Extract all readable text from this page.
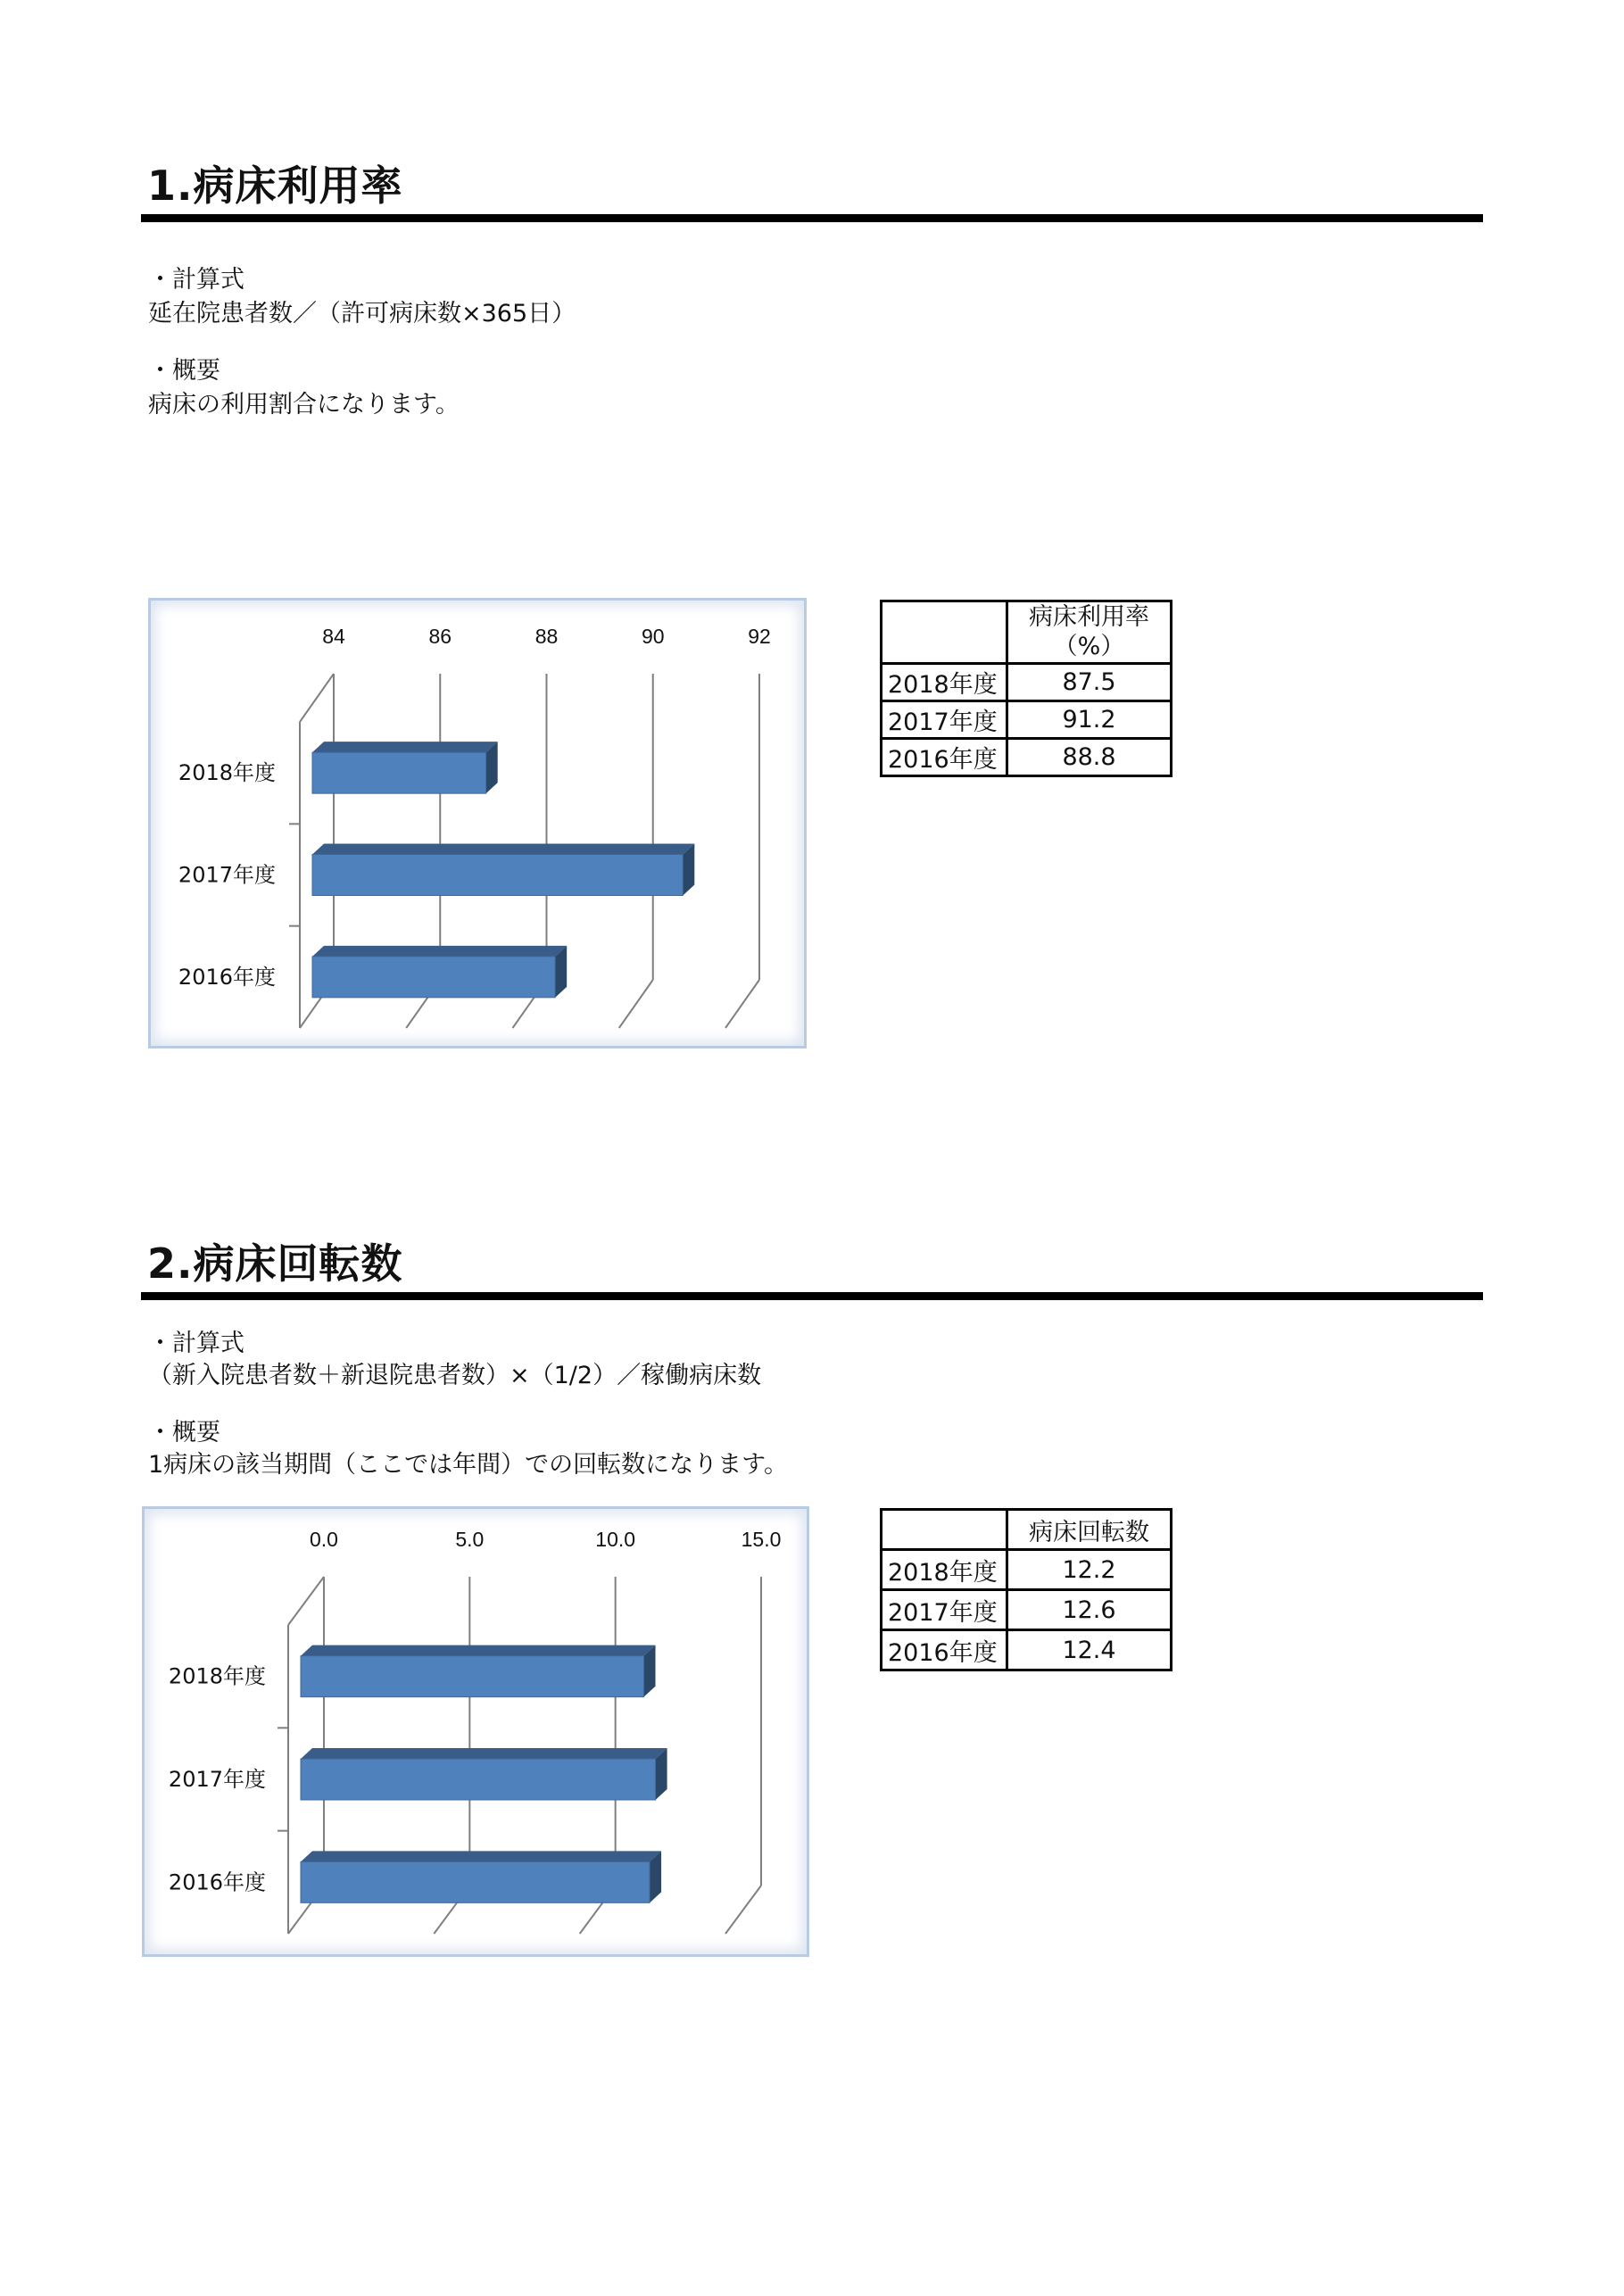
1.病床利用率
・計算式
延在院患者数／（許可病床数×365日）
・概要
病床の利用割合になります。
84	86	88	90	92
2018年度
2017年度
2016年度

	病床利用率
（%）

2018年度	87.5
2017年度	91.2
2016年度	88.8
2.病床回転数
・計算式
（新入院患者数＋新退院患者数）×（1/2）／稼働病床数
・概要
1病床の該当期間（ここでは年間）での回転数になります。
0.0	5.0	10.0	15.0
2018年度
2017年度
2016年度
	病床回転数
2018年度	12.2
2017年度	12.6
2016年度	12.4
